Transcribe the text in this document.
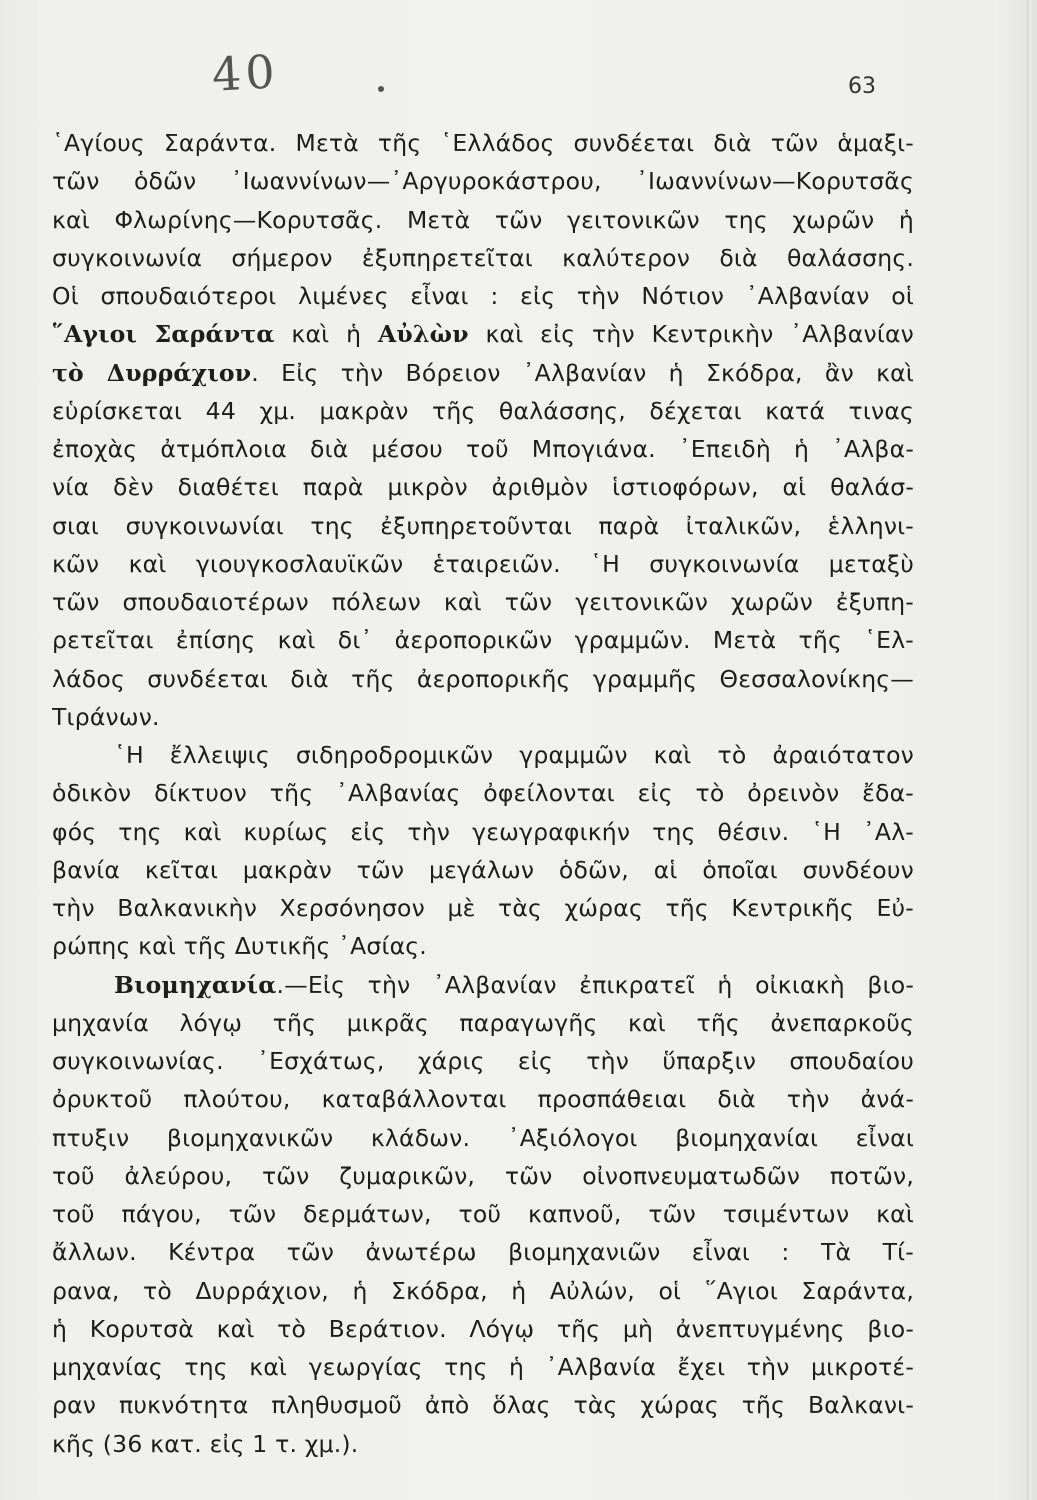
40	63
῾Αγίους Σαράντα. Μετὰ τῆς ῾Ελλάδος συνδέεται διὰ τῶν ἁμαξι-
τῶν ὁδῶν ᾿Ιωαννίνων—᾿Αργυροκάστρου, ᾿Ιωαννίνων—Κορυτσᾶς
καὶ Φλωρίνης—Κορυτσᾶς. Μετὰ τῶν γειτονικῶν της χωρῶν ἡ
συγκοινωνία σήμερον ἐξυπηρετεῖται καλύτερον διὰ θαλάσσης.
Οἱ σπουδαιότεροι λιμένες εἶναι : εἰς τὴν Νότιον ᾿Αλβανίαν οἱ
῞Αγιοι Σαράντα καὶ ἡ Αὐλὼν καὶ εἰς τὴν Κεντρικὴν ᾿Αλβανίαν
τὸ Δυρράχιον. Εἰς τὴν Βόρειον ᾿Αλβανίαν ἡ Σκόδρα, ἂν καὶ
εὑρίσκεται 44 χμ. μακρὰν τῆς θαλάσσης, δέχεται κατά τινας
ἐποχὰς ἀτμόπλοια διὰ μέσου τοῦ Μπογιάνα. ᾿Επειδὴ ἡ ᾿Αλβα-
νία δὲν διαθέτει παρὰ μικρὸν ἀριθμὸν ἱστιοφόρων, αἱ θαλάσ-
σιαι συγκοινωνίαι της ἐξυπηρετοῦνται παρὰ ἰταλικῶν, ἑλληνι-
κῶν καὶ γιουγκοσλαυϊκῶν ἑταιρειῶν. ῾Η συγκοινωνία μεταξὺ
τῶν σπουδαιοτέρων πόλεων καὶ τῶν γειτονικῶν χωρῶν ἐξυπη-
ρετεῖται ἐπίσης καὶ δι᾿ ἀεροπορικῶν γραμμῶν. Μετὰ τῆς ῾Ελ-
λάδος συνδέεται διὰ τῆς ἀεροπορικῆς γραμμῆς Θεσσαλονίκης—
Τιράνων.
῾Η ἔλλειψις σιδηροδρομικῶν γραμμῶν καὶ τὸ ἀραιότατον
ὁδικὸν δίκτυον τῆς ᾿Αλβανίας ὀφείλονται εἰς τὸ ὀρεινὸν ἔδα-
φός της καὶ κυρίως εἰς τὴν γεωγραφικήν της θέσιν. ῾Η ᾿Αλ-
βανία κεῖται μακρὰν τῶν μεγάλων ὁδῶν, αἱ ὁποῖαι συνδέουν
τὴν Βαλκανικὴν Χερσόνησον μὲ τὰς χώρας τῆς Κεντρικῆς Εὐ-
ρώπης καὶ τῆς Δυτικῆς ᾿Ασίας.
Βιομηχανία.—Εἰς τὴν ᾿Αλβανίαν ἐπικρατεῖ ἡ οἰκιακὴ βιο-
μηχανία λόγῳ τῆς μικρᾶς παραγωγῆς καὶ τῆς ἀνεπαρκοῦς
συγκοινωνίας. ᾿Εσχάτως, χάρις εἰς τὴν ὕπαρξιν σπουδαίου
ὀρυκτοῦ πλούτου, καταβάλλονται προσπάθειαι διὰ τὴν ἀνά-
πτυξιν βιομηχανικῶν κλάδων. ᾿Αξιόλογοι βιομηχανίαι εἶναι
τοῦ ἀλεύρου, τῶν ζυμαρικῶν, τῶν οἰνοπνευματωδῶν ποτῶν,
τοῦ πάγου, τῶν δερμάτων, τοῦ καπνοῦ, τῶν τσιμέντων καὶ
ἄλλων. Κέντρα τῶν ἀνωτέρω βιομηχανιῶν εἶναι : Τὰ Τί-
ρανα, τὸ Δυρράχιον, ἡ Σκόδρα, ἡ Αὐλών, οἱ ῞Αγιοι Σαράντα,
ἡ Κορυτσὰ καὶ τὸ Βεράτιον. Λόγῳ τῆς μὴ ἀνεπτυγμένης βιο-
μηχανίας της καὶ γεωργίας της ἡ ᾿Αλβανία ἔχει τὴν μικροτέ-
ραν πυκνότητα πληθυσμοῦ ἀπὸ ὅλας τὰς χώρας τῆς Βαλκανι-
κῆς (36 κατ. εἰς 1 τ. χμ.).
